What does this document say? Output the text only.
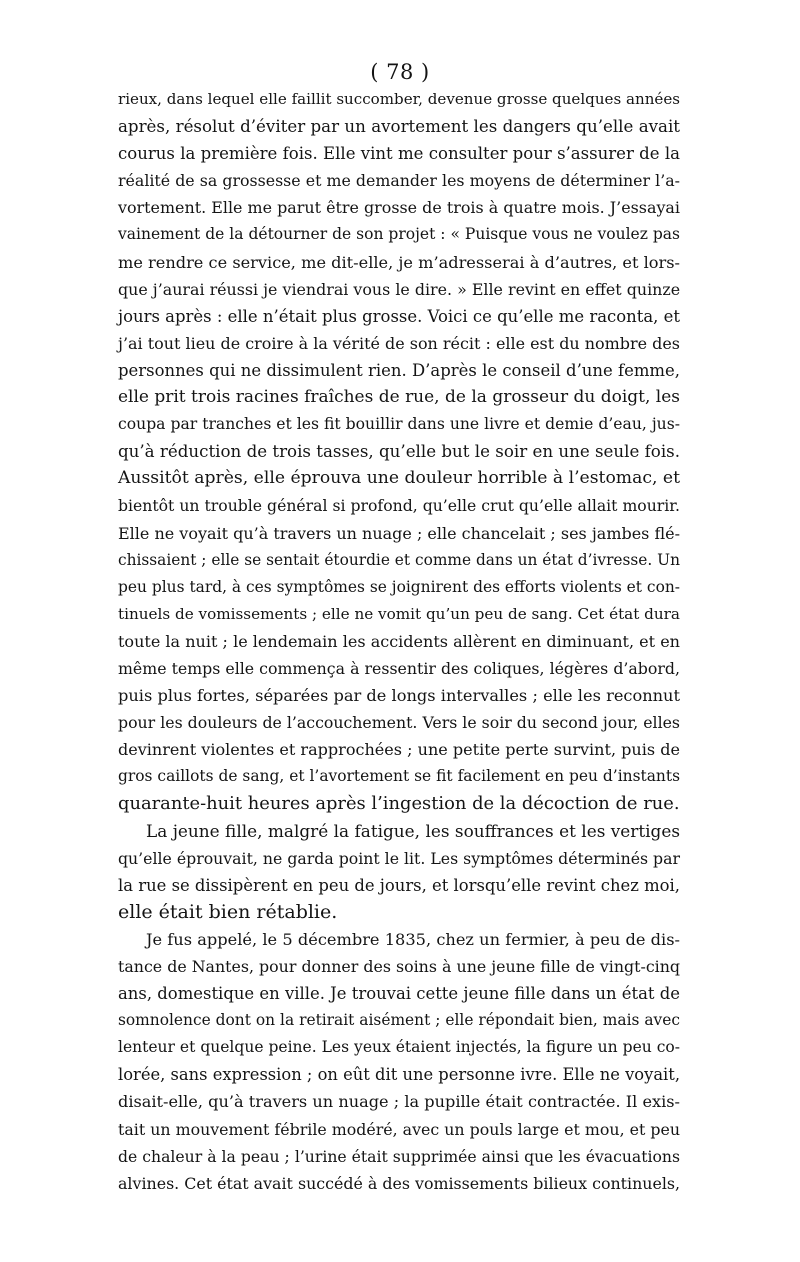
( 78 )
rieux, dans lequel elle faillit succomber, devenue grosse quelques années
après, résolut d’éviter par un avortement les dangers qu’elle avait
courus la première fois. Elle vint me consulter pour s’assurer de la
réalité de sa grossesse et me demander les moyens de déterminer l’a-
vortement. Elle me parut être grosse de trois à quatre mois. J’essayai
vainement de la détourner de son projet : « Puisque vous ne voulez pas
me rendre ce service, me dit-elle, je m’adresserai à d’autres, et lors-
que j’aurai réussi je viendrai vous le dire. » Elle revint en effet quinze
jours après : elle n’était plus grosse. Voici ce qu’elle me raconta, et
j’ai tout lieu de croire à la vérité de son récit : elle est du nombre des
personnes qui ne dissimulent rien. D’après le conseil d’une femme,
elle prit trois racines fraîches de rue, de la grosseur du doigt, les
coupa par tranches et les fit bouillir dans une livre et demie d’eau, jus-
qu’à réduction de trois tasses, qu’elle but le soir en une seule fois.
Aussitôt après, elle éprouva une douleur horrible à l’estomac, et
bientôt un trouble général si profond, qu’elle crut qu’elle allait mourir.
Elle ne voyait qu’à travers un nuage ; elle chancelait ; ses jambes flé-
chissaient ; elle se sentait étourdie et comme dans un état d’ivresse. Un
peu plus tard, à ces symptômes se joignirent des efforts violents et con-
tinuels de vomissements ; elle ne vomit qu’un peu de sang. Cet état dura
toute la nuit ; le lendemain les accidents allèrent en diminuant, et en
même temps elle commença à ressentir des coliques, légères d’abord,
puis plus fortes, séparées par de longs intervalles ; elle les reconnut
pour les douleurs de l’accouchement. Vers le soir du second jour, elles
devinrent violentes et rapprochées ; une petite perte survint, puis de
gros caillots de sang, et l’avortement se fit facilement en peu d’instants
quarante-huit heures après l’ingestion de la décoction de rue.
La jeune fille, malgré la fatigue, les souffrances et les vertiges
qu’elle éprouvait, ne garda point le lit. Les symptômes déterminés par
la rue se dissipèrent en peu de jours, et lorsqu’elle revint chez moi,
elle était bien rétablie.
Je fus appelé, le 5 décembre 1835, chez un fermier, à peu de dis-
tance de Nantes, pour donner des soins à une jeune fille de vingt-cinq
ans, domestique en ville. Je trouvai cette jeune fille dans un état de
somnolence dont on la retirait aisément ; elle répondait bien, mais avec
lenteur et quelque peine. Les yeux étaient injectés, la figure un peu co-
lorée, sans expression ; on eût dit une personne ivre. Elle ne voyait,
disait-elle, qu’à travers un nuage ; la pupille était contractée. Il exis-
tait un mouvement fébrile modéré, avec un pouls large et mou, et peu
de chaleur à la peau ; l’urine était supprimée ainsi que les évacuations
alvines. Cet état avait succédé à des vomissements bilieux continuels,
